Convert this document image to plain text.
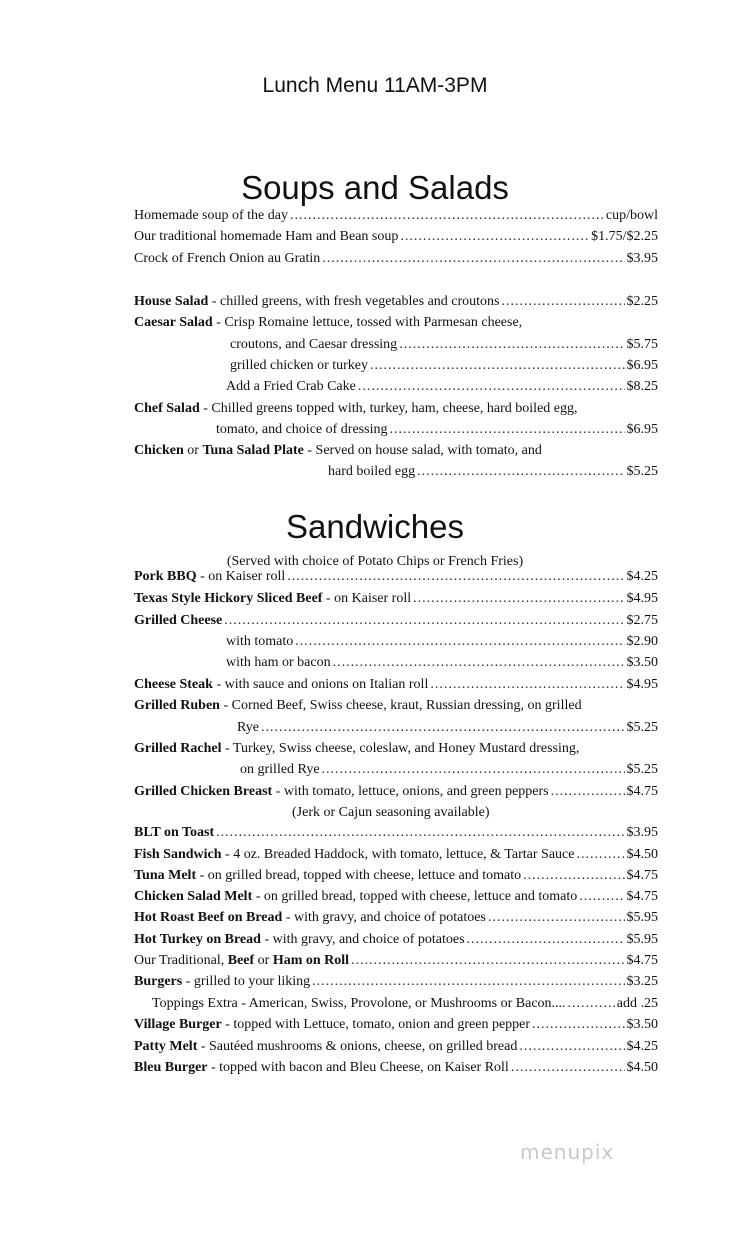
Lunch Menu 11AM-3PM
Soups and Salads
Homemade soup of the day .....	cup/bowl
Our traditional homemade Ham and Bean soup .....	$1.75/$2.25
Crock of French Onion au Gratin .....	$3.95
House Salad - chilled greens, with fresh vegetables and croutons .....	$2.25
Caesar Salad - Crisp Romaine lettuce, tossed with Parmesan cheese,
croutons, and Caesar dressing .....	$5.75
grilled chicken or turkey .....	$6.95
Add a Fried Crab Cake .....	$8.25
Chef Salad - Chilled greens topped with, turkey, ham, cheese, hard boiled egg,
tomato, and choice of dressing .....	$6.95
Chicken or Tuna Salad Plate - Served on house salad, with tomato, and
hard boiled egg .....	$5.25
Sandwiches
(Served with choice of Potato Chips or French Fries)
Pork BBQ - on Kaiser roll .....	$4.25
Texas Style Hickory Sliced Beef - on Kaiser roll .....	$4.95
Grilled Cheese .....	$2.75
with tomato .....	$2.90
with ham or bacon .....	$3.50
Cheese Steak - with sauce and onions on Italian roll .....	$4.95
Grilled Ruben - Corned Beef, Swiss cheese, kraut, Russian dressing, on grilled
Rye .....	$5.25
Grilled Rachel - Turkey, Swiss cheese, coleslaw, and Honey Mustard dressing,
on grilled Rye .....	$5.25
Grilled Chicken Breast - with tomato, lettuce, onions, and green peppers .....	$4.75
(Jerk or Cajun seasoning available)
BLT on Toast .....	$3.95
Fish Sandwich - 4 oz. Breaded Haddock, with tomato, lettuce, & Tartar Sauce .....	$4.50
Tuna Melt - on grilled bread, topped with cheese, lettuce and tomato .....	$4.75
Chicken Salad Melt - on grilled bread, topped with cheese, lettuce and tomato .....	$4.75
Hot Roast Beef on Bread - with gravy, and choice of potatoes .....	$5.95
Hot Turkey on Bread - with gravy, and choice of potatoes .....	$5.95
Our Traditional, Beef or Ham on Roll .....	$4.75
Burgers - grilled to your liking .....	$3.25
Toppings Extra - American, Swiss, Provolone, or Mushrooms or Bacon.... .....	add .25
Village Burger - topped with Lettuce, tomato, onion and green pepper .....	$3.50
Patty Melt - Sautéed mushrooms & onions, cheese, on grilled bread .....	$4.25
Bleu Burger - topped with bacon and Bleu Cheese, on Kaiser Roll .....	$4.50
menupix
